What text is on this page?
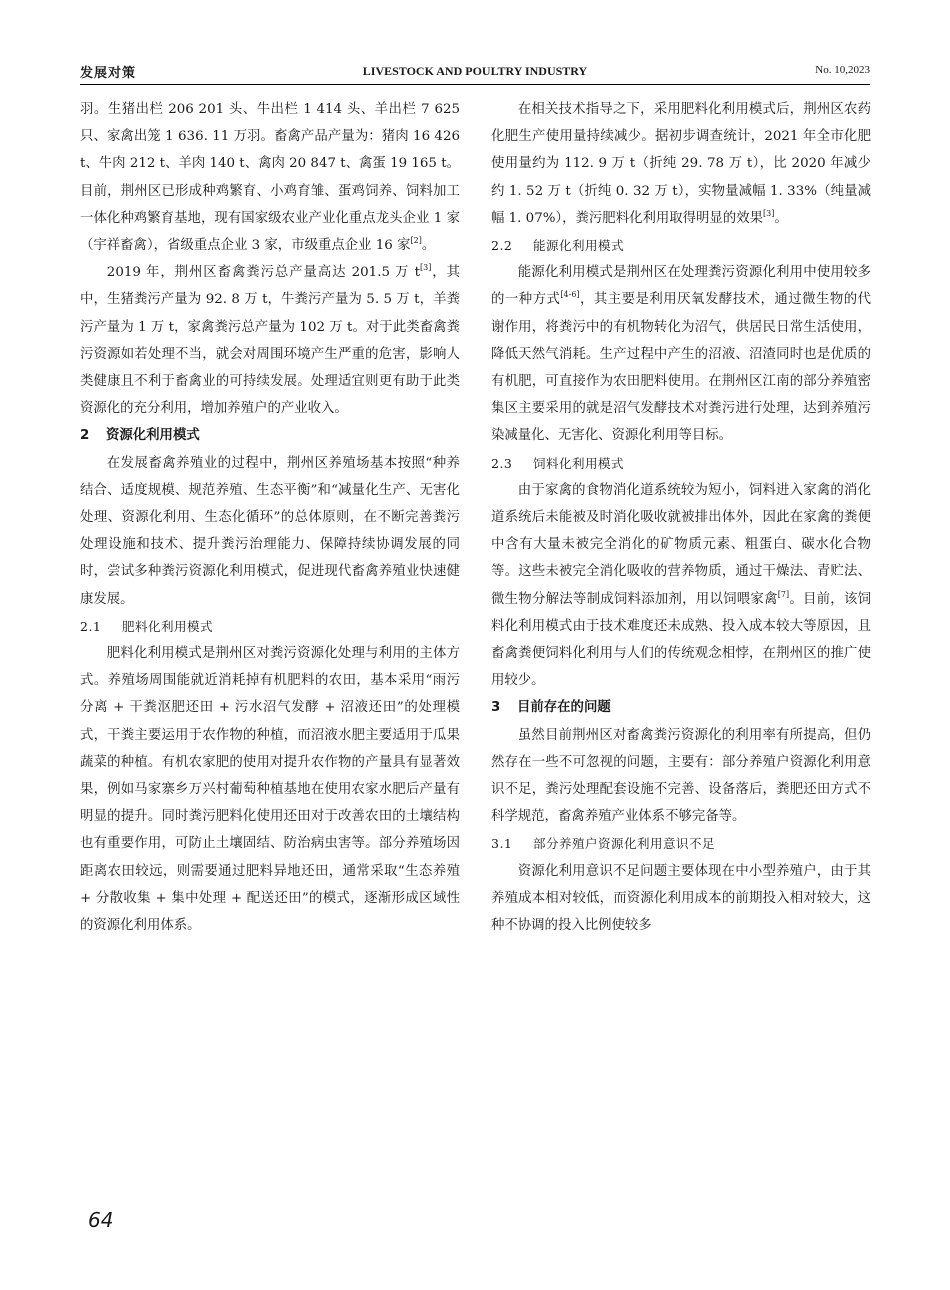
发展对策	LIVESTOCK AND POULTRY INDUSTRY	No. 10,2023

羽。生猪出栏 206 201 头、牛出栏 1 414 头、羊出栏 7 625只、家禽出笼 1 636. 11 万羽。畜禽产品产量为：猪肉 16 426 t、牛肉 212 t、羊肉 140 t、禽肉 20 847 t、禽蛋 19 165 t。目前，荆州区已形成种鸡繁育、小鸡育雏、蛋鸡饲养、饲料加工一体化种鸡繁育基地，现有国家级农业产业化重点龙头企业 1 家（宇祥畜禽），省级重点企业 3 家，市级重点企业 16 家[2]。

2019 年，荆州区畜禽粪污总产量高达 201.5 万 t[3]，其中，生猪粪污产量为 92. 8 万 t，牛粪污产量为 5. 5 万 t，羊粪污产量为 1 万 t，家禽粪污总产量为 102 万 t。对于此类畜禽粪污资源如若处理不当，就会对周围环境产生严重的危害，影响人类健康且不利于畜禽业的可持续发展。处理适宜则更有助于此类资源化的充分利用，增加养殖户的产业收入。

2 资源化利用模式

在发展畜禽养殖业的过程中，荆州区养殖场基本按照“种养结合、适度规模、规范养殖、生态平衡”和“减量化生产、无害化处理、资源化利用、生态化循环”的总体原则，在不断完善粪污处理设施和技术、提升粪污治理能力、保障持续协调发展的同时，尝试多种粪污资源化利用模式，促进现代畜禽养殖业快速健康发展。

2.1 肥料化利用模式

肥料化利用模式是荆州区对粪污资源化处理与利用的主体方式。养殖场周围能就近消耗掉有机肥料的农田，基本采用“雨污分离 + 干粪沤肥还田 + 污水沼气发酵 + 沼液还田”的处理模式，干粪主要运用于农作物的种植，而沼液水肥主要适用于瓜果蔬菜的种植。有机农家肥的使用对提升农作物的产量具有显著效果，例如马家寨乡万兴村葡萄种植基地在使用农家水肥后产量有明显的提升。同时粪污肥料化使用还田对于改善农田的土壤结构也有重要作用，可防止土壤固结、防治病虫害等。部分养殖场因距离农田较远，则需要通过肥料异地还田，通常采取“生态养殖 + 分散收集 + 集中处理 + 配送还田”的模式，逐渐形成区域性的资源化利用体系。

在相关技术指导之下，采用肥料化利用模式后，荆州区农药化肥生产使用量持续减少。据初步调查统计，2021 年全市化肥使用量约为 112. 9 万 t（折纯 29. 78 万 t），比 2020 年减少约 1. 52 万 t（折纯 0. 32 万 t），实物量减幅 1. 33%（纯量减幅 1. 07%），粪污肥料化利用取得明显的效果[3]。

2.2 能源化利用模式

能源化利用模式是荆州区在处理粪污资源化利用中使用较多的一种方式[4-6]，其主要是利用厌氧发酵技术，通过微生物的代谢作用，将粪污中的有机物转化为沼气，供居民日常生活使用，降低天然气消耗。生产过程中产生的沼液、沼渣同时也是优质的有机肥，可直接作为农田肥料使用。在荆州区江南的部分养殖密集区主要采用的就是沼气发酵技术对粪污进行处理，达到养殖污染减量化、无害化、资源化利用等目标。

2.3 饲料化利用模式

由于家禽的食物消化道系统较为短小，饲料进入家禽的消化道系统后未能被及时消化吸收就被排出体外，因此在家禽的粪便中含有大量未被完全消化的矿物质元素、粗蛋白、碳水化合物等。这些未被完全消化吸收的营养物质，通过干燥法、青贮法、微生物分解法等制成饲料添加剂，用以饲喂家禽[7]。目前，该饲料化利用模式由于技术难度还未成熟、投入成本较大等原因，且畜禽粪便饲料化利用与人们的传统观念相悖，在荆州区的推广使用较少。

3 目前存在的问题

虽然目前荆州区对畜禽粪污资源化的利用率有所提高，但仍然存在一些不可忽视的问题，主要有：部分养殖户资源化利用意识不足，粪污处理配套设施不完善、设备落后，粪肥还田方式不科学规范，畜禽养殖产业体系不够完备等。

3.1 部分养殖户资源化利用意识不足

资源化利用意识不足问题主要体现在中小型养殖户，由于其养殖成本相对较低，而资源化利用成本的前期投入相对较大，这种不协调的投入比例使较多

64
